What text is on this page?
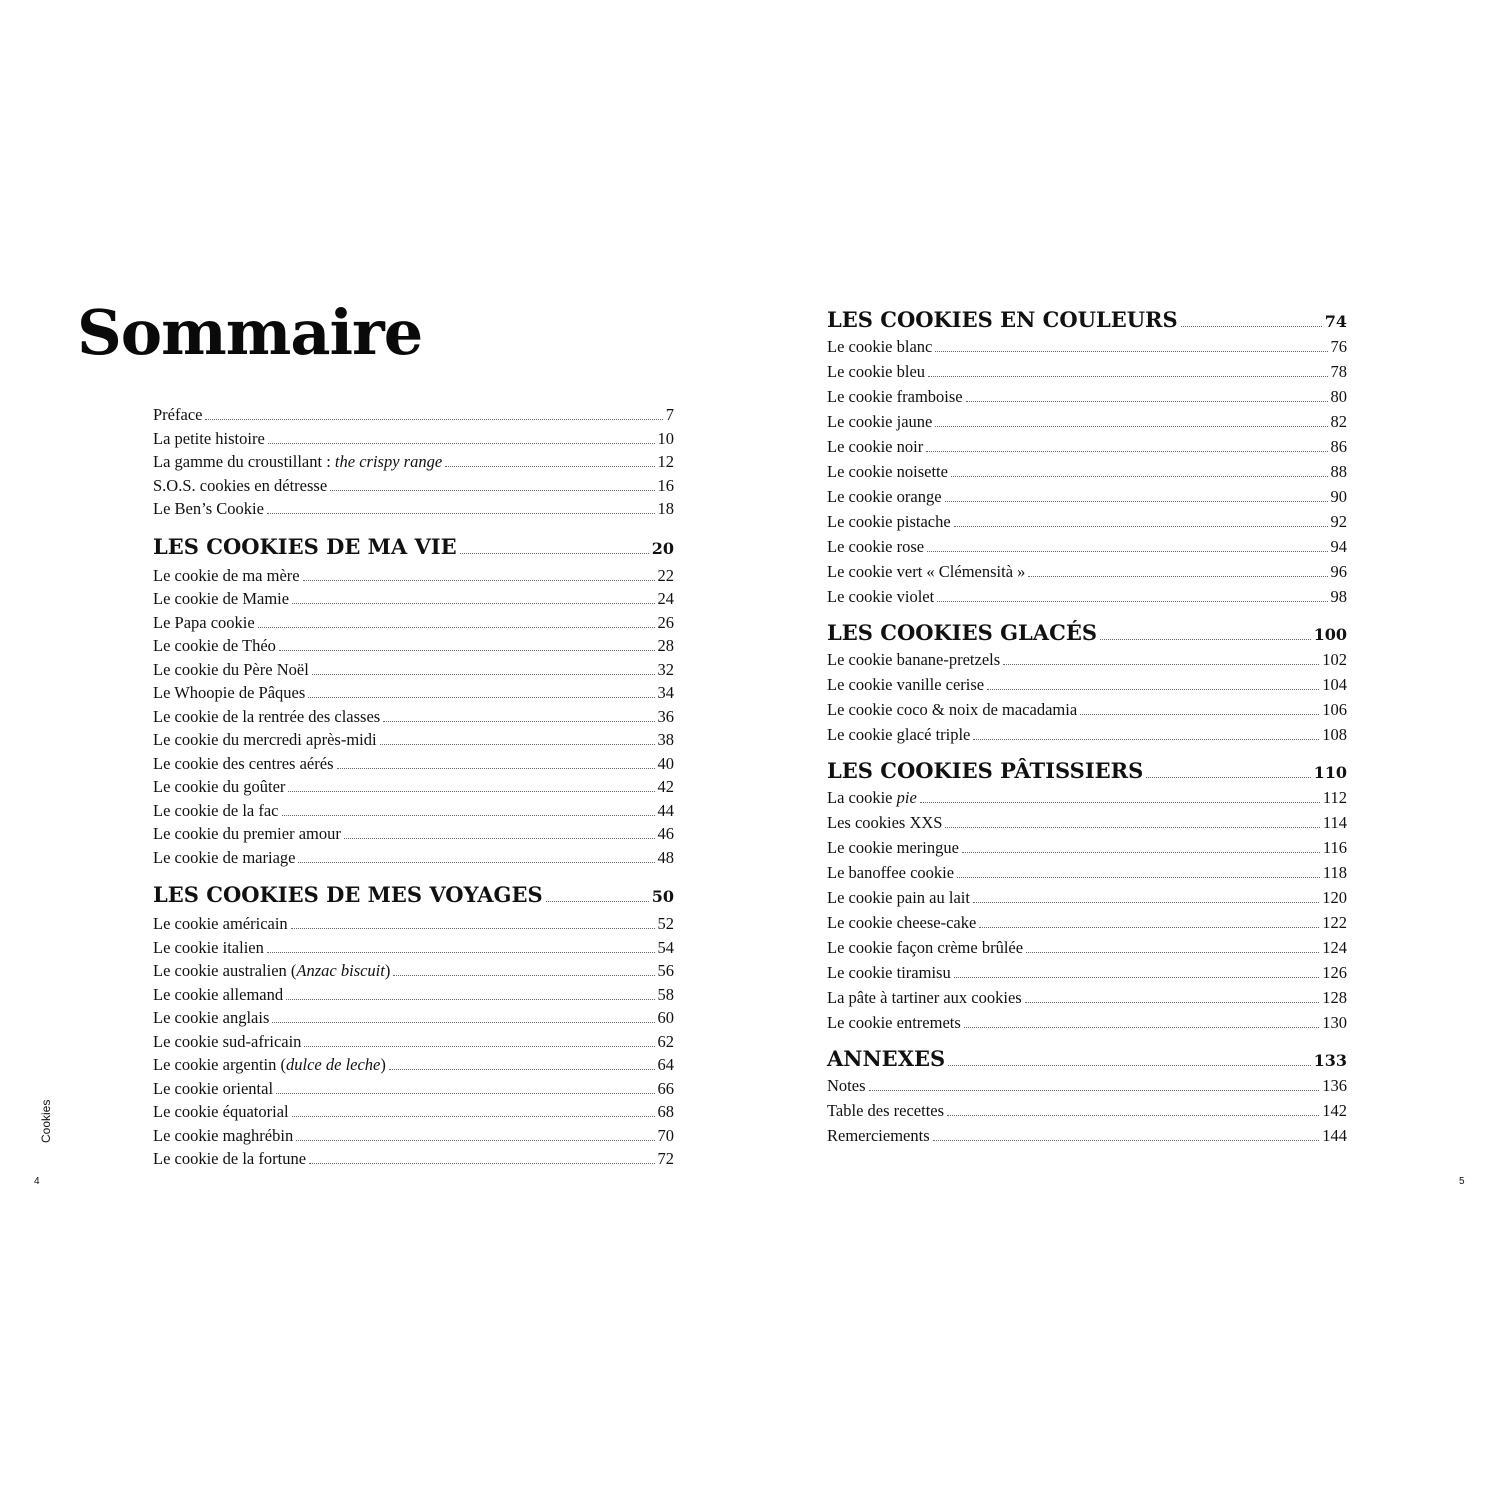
Sommaire
Préface	7
La petite histoire	10
La gamme du croustillant : the crispy range	12
S.O.S. cookies en détresse	16
Le Ben’s Cookie	18
LES COOKIES DE MA VIE	20
Le cookie de ma mère	22
Le cookie de Mamie	24
Le Papa cookie	26
Le cookie de Théo	28
Le cookie du Père Noël	32
Le Whoopie de Pâques	34
Le cookie de la rentrée des classes	36
Le cookie du mercredi après-midi	38
Le cookie des centres aérés	40
Le cookie du goûter	42
Le cookie de la fac	44
Le cookie du premier amour	46
Le cookie de mariage	48
LES COOKIES DE MES VOYAGES	50
Le cookie américain	52
Le cookie italien	54
Le cookie australien (Anzac biscuit)	56
Le cookie allemand	58
Le cookie anglais	60
Le cookie sud-africain	62
Le cookie argentin (dulce de leche)	64
Le cookie oriental	66
Le cookie équatorial	68
Le cookie maghrébin	70
Le cookie de la fortune	72
Cookies
4
LES COOKIES EN COULEURS	74
Le cookie blanc	76
Le cookie bleu	78
Le cookie framboise	80
Le cookie jaune	82
Le cookie noir	86
Le cookie noisette	88
Le cookie orange	90
Le cookie pistache	92
Le cookie rose	94
Le cookie vert « Clémensità »	96
Le cookie violet	98
LES COOKIES GLACÉS	100
Le cookie banane-pretzels	102
Le cookie vanille cerise	104
Le cookie coco & noix de macadamia	106
Le cookie glacé triple	108
LES COOKIES PÂTISSIERS	110
La cookie pie	112
Les cookies XXS	114
Le cookie meringue	116
Le banoffee cookie	118
Le cookie pain au lait	120
Le cookie cheese-cake	122
Le cookie façon crème brûlée	124
Le cookie tiramisu	126
La pâte à tartiner aux cookies	128
Le cookie entremets	130
ANNEXES	133
Notes	136
Table des recettes	142
Remerciements	144
5
